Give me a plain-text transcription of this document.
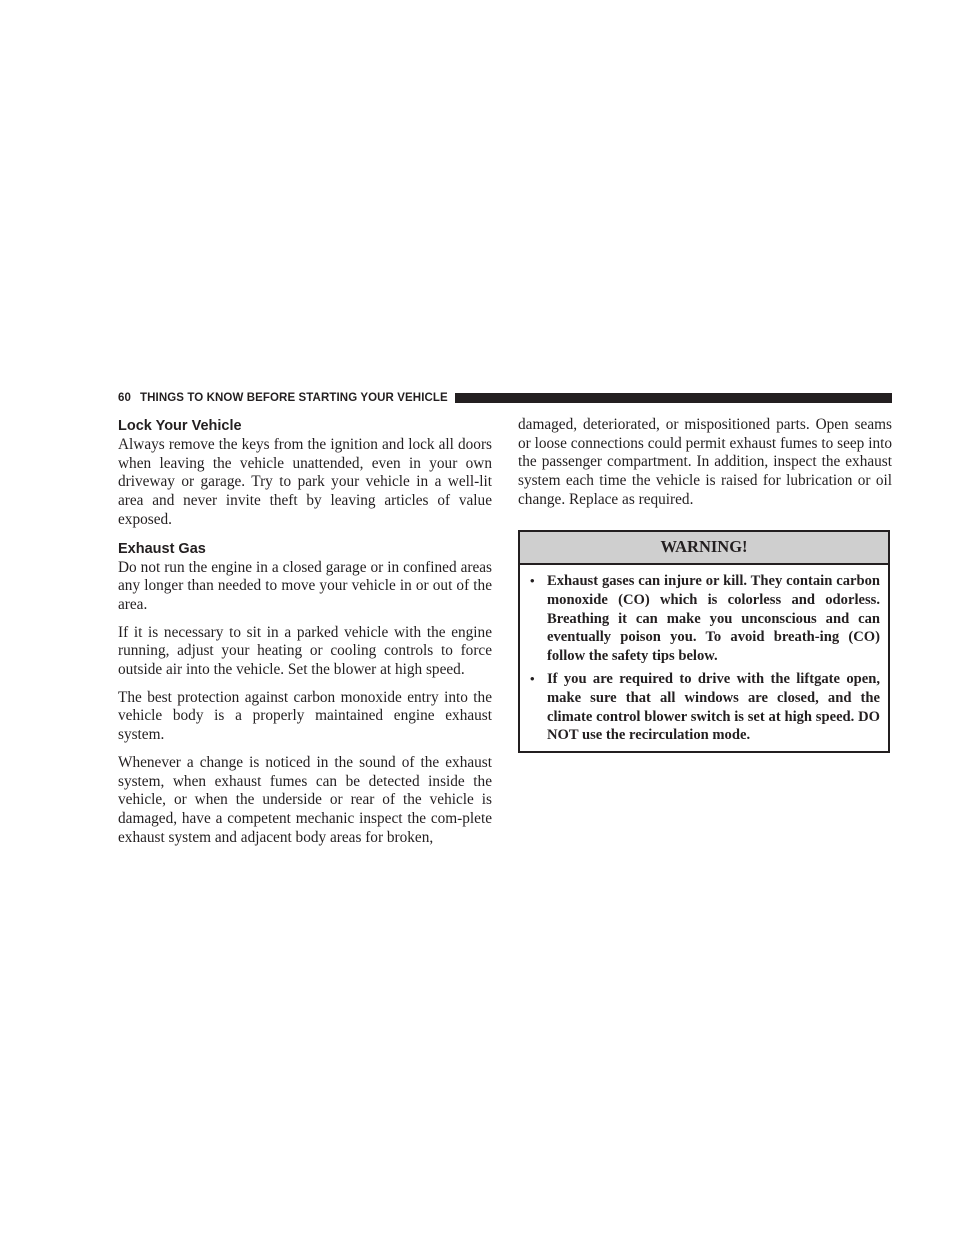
60 THINGS TO KNOW BEFORE STARTING YOUR VEHICLE
Lock Your Vehicle

Always remove the keys from the ignition and lock all doors when leaving the vehicle unattended, even in your own driveway or garage. Try to park your vehicle in a well-lit area and never invite theft by leaving articles of value exposed.

Exhaust Gas

Do not run the engine in a closed garage or in confined areas any longer than needed to move your vehicle in or out of the area.

If it is necessary to sit in a parked vehicle with the engine running, adjust your heating or cooling controls to force outside air into the vehicle. Set the blower at high speed.

The best protection against carbon monoxide entry into the vehicle body is a properly maintained engine exhaust system.

Whenever a change is noticed in the sound of the exhaust system, when exhaust fumes can be detected inside the vehicle, or when the underside or rear of the vehicle is damaged, have a competent mechanic inspect the com-plete exhaust system and adjacent body areas for broken,

damaged, deteriorated, or mispositioned parts. Open seams or loose connections could permit exhaust fumes to seep into the passenger compartment. In addition, inspect the exhaust system each time the vehicle is raised for lubrication or oil change. Replace as required.

WARNING!
• Exhaust gases can injure or kill. They contain carbon monoxide (CO) which is colorless and odorless. Breathing it can make you unconscious and can eventually poison you. To avoid breath-ing (CO) follow the safety tips below.
• If you are required to drive with the liftgate open, make sure that all windows are closed, and the climate control blower switch is set at high speed. DO NOT use the recirculation mode.
